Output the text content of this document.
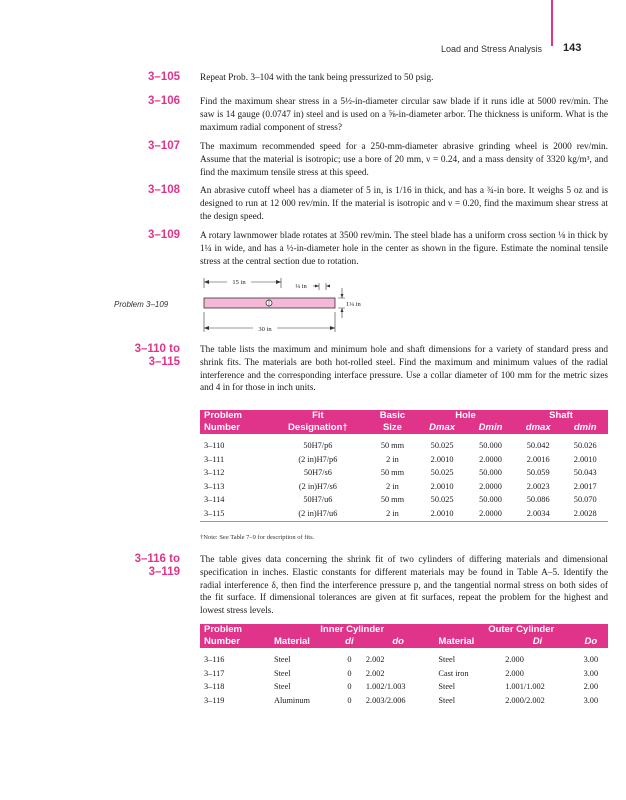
Load and Stress Analysis 143
3–105 Repeat Prob. 3–104 with the tank being pressurized to 50 psig.
3–106 Find the maximum shear stress in a 5½-in-diameter circular saw blade if it runs idle at 5000 rev/min. The saw is 14 gauge (0.0747 in) steel and is used on a ⅝-in-diameter arbor. The thickness is uniform. What is the maximum radial component of stress?
3–107 The maximum recommended speed for a 250-mm-diameter abrasive grinding wheel is 2000 rev/min. Assume that the material is isotropic; use a bore of 20 mm, ν = 0.24, and a mass density of 3320 kg/m³, and find the maximum tensile stress at this speed.
3–108 An abrasive cutoff wheel has a diameter of 5 in, is 1/16 in thick, and has a ¾-in bore. It weighs 5 oz and is designed to run at 12 000 rev/min. If the material is isotropic and ν = 0.20, find the maximum shear stress at the design speed.
3–109 A rotary lawnmower blade rotates at 3500 rev/min. The steel blade has a uniform cross section ⅛ in thick by 1¼ in wide, and has a ½-in-diameter hole in the center as shown in the figure. Estimate the nominal tensile stress at the central section due to rotation.
Problem 3–109
15 in
¼ in
1¼ in
30 in
3–110 to
3–115
The table lists the maximum and minimum hole and shaft dimensions for a variety of standard press and shrink fits. The materials are both hot-rolled steel. Find the maximum and minimum values of the radial interference and the corresponding interface pressure. Use a collar diameter of 100 mm for the metric sizes and 4 in for those in inch units.
Problem	Fit	Basic	Hole		Shaft	
Number	Designation†	Size	Dmax	Dmin	dmax	dmin

3–110	50H7/p6	50 mm	50.025	50.000	50.042	50.026
3–111	(2 in)H7/p6	2 in	2.0010	2.0000	2.0016	2.0010
3–112	50H7/s6	50 mm	50.025	50.000	50.059	50.043
3–113	(2 in)H7/s6	2 in	2.0010	2.0000	2.0023	2.0017
3–114	50H7/u6	50 mm	50.025	50.000	50.086	50.070
3–115	(2 in)H7/u6	2 in	2.0010	2.0000	2.0034	2.0028
†Note: See Table 7–9 for description of fits.
3–116 to
3–119
The table gives data concerning the shrink fit of two cylinders of differing materials and dimensional specification in inches. Elastic constants for different materials may be found in Table A–5. Identify the radial interference δ, then find the interference pressure p, and the tangential normal stress on both sides of the fit surface. If dimensional tolerances are given at fit surfaces, repeat the problem for the highest and lowest stress levels.
Problem	Inner Cylinder			Outer Cylinder		
Number	Material	di	do	Material	Di	Do

3–116	Steel	0	2.002	Steel	2.000	3.00
3–117	Steel	0	2.002	Cast iron	2.000	3.00
3–118	Steel	0	1.002/1.003	Steel	1.001/1.002	2.00
3–119	Aluminum	0	2.003/2.006	Steel	2.000/2.002	3.00
